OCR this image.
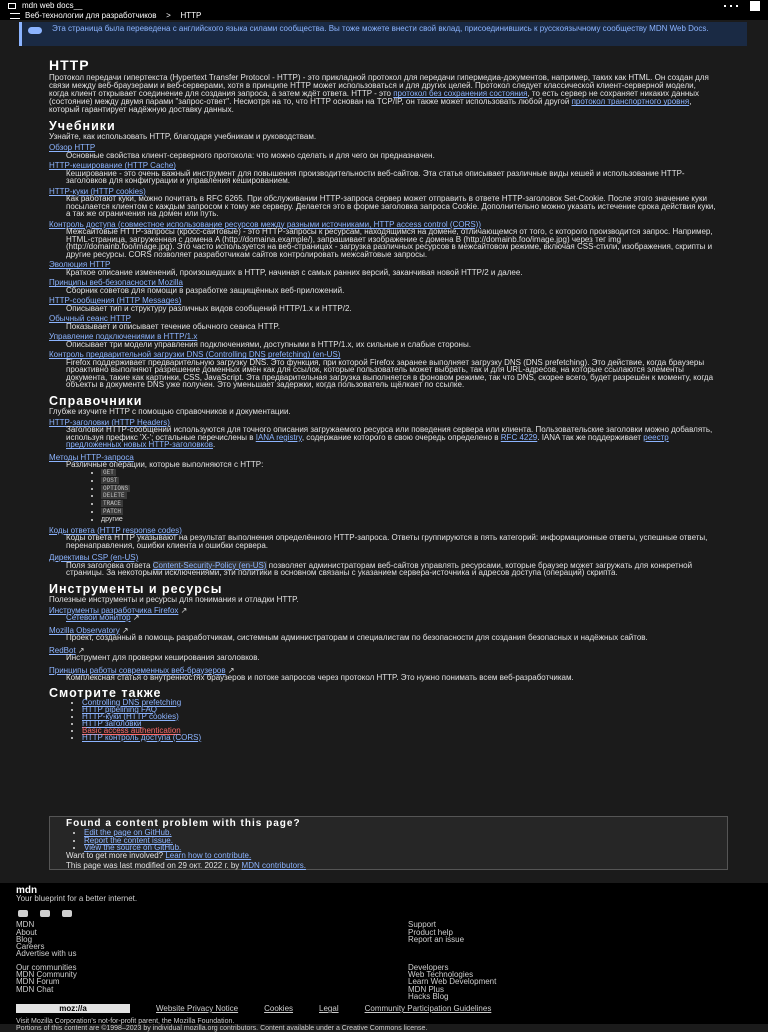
mdn web docs__
Веб-технологии для разработчиков	>	HTTP

Эта страница была переведена с английского языка силами сообщества. Вы тоже можете внести свой вклад, присоединившись к русскоязычному сообществу MDN Web Docs.

HTTP

Протокол передачи гипертекста (Hypertext Transfer Protocol - HTTP) - это прикладной протокол для передачи гипермедиа-документов, например, таких как HTML. Он создан для связи между веб-браузерами и веб-серверами, хотя в принципе HTTP может использоваться и для других целей. Протокол следует классической клиент-серверной модели, когда клиент открывает соединение для создания запроса, а затем ждёт ответа. HTTP - это протокол без сохранения состояния, то есть сервер не сохраняет никаких данных (состояние) между двумя парами "запрос-ответ". Несмотря на то, что HTTP основан на TCP/IP, он также может использовать любой другой протокол транспортного уровня, который гарантирует надёжную доставку данных.

Учебники

Узнайте, как использовать HTTP, благодаря учебникам и руководствам.

Обзор HTTP
Основные свойства клиент-серверного протокола: что можно сделать и для чего он предназначен.
HTTP-кеширование (HTTP Cache)
Кеширование - это очень важный инструмент для повышения производительности веб-сайтов. Эта статья описывает различные виды кешей и использование HTTP-заголовков для конфигурации и управления кешированием.
HTTP-куки (HTTP cookies)
Как работают куки, можно почитать в RFC 6265. При обслуживании HTTP-запроса сервер может отправить в ответе HTTP-заголовок Set-Cookie. После этого значение куки посылается клиентом с каждым запросом к тому же серверу. Делается это в форме заголовка запроса Cookie. Дополнительно можно указать истечение срока действия куки, а так же ограничения на домен или путь.
Контроль доступа (совместное использование ресурсов между разными источниками, HTTP access control (CORS))
Межсайтовые HTTP-запросы (кросс-сайтовые) - это HTTP-запросы к ресурсам, находящимся на домене, отличающемся от того, с которого производится запрос. Например, HTML-страница, загруженная с домена A (http://domaina.example/), запрашивает изображение с домена B (http://domainb.foo/image.jpg) через тег img (http://domainb.foo/image.jpg). Это часто используется на веб-страницах - загрузка различных ресурсов в межсайтовом режиме, включая CSS-стили, изображения, скрипты и другие ресурсы. CORS позволяет разработчикам сайтов контролировать межсайтовые запросы.
Эволюция HTTP
Краткое описание изменений, произошедших в HTTP, начиная с самых ранних версий, заканчивая новой HTTP/2 и далее.
Принципы веб-безопасности Mozilla
Сборник советов для помощи в разработке защищённых веб-приложений.
HTTP-сообщения (HTTP Messages)
Описывает тип и структуру различных видов сообщений HTTP/1.x и HTTP/2.
Обычный сеанс HTTP
Показывает и описывает течение обычного сеанса HTTP.
Управление подключениями в HTTP/1.x
Описывает три модели управления подключениями, доступными в HTTP/1.x, их сильные и слабые стороны.
Контроль предварительной загрузки DNS (Controlling DNS prefetching) (en-US)
Firefox поддерживает предварительную загрузку DNS. Это функция, при которой Firefox заранее выполняет загрузку DNS (DNS prefetching). Это действие, когда браузеры проактивно выполняют разрешение доменных имён как для ссылок, которые пользователь может выбрать, так и для URL-адресов, на которые ссылаются элементы документа, такие как картинки, CSS, JavaScript. Эта предварительная загрузка выполняется в фоновом режиме, так что DNS, скорее всего, будет разрешён к моменту, когда объекты в документе DNS уже получен. Это уменьшает задержки, когда пользователь щёлкает по ссылке.
Справочники

Глубже изучите HTTP с помощью справочников и документации.

HTTP-заголовки (HTTP Headers)
Заголовки HTTP-сообщений используются для точного описания загружаемого ресурса или поведения сервера или клиента. Пользовательские заголовки можно добавлять, используя префикс 'X-'; остальные перечислены в IANA registry, содержание которого в свою очередь определено в RFC 4229. IANA так же поддерживает реестр предложенных новых HTTP-заголовков.
Методы HTTP-запроса
Различные операции, которые выполняются с HTTP:
• GET
• POST
• OPTIONS
• DELETE
• TRACE
• PATCH
• другие
Коды ответа (HTTP response codes)
Коды ответа HTTP указывают на результат выполнения определённого HTTP-запроса. Ответы группируются в пять категорий: информационные ответы, успешные ответы, перенаправления, ошибки клиента и ошибки сервера.
Директивы CSP (en-US)
Поля заголовка ответа Content-Security-Policy (en-US) позволяет администраторам веб-сайтов управлять ресурсами, которые браузер может загружать для конкретной страницы. За некоторыми исключениями, эти политики в основном связаны с указанием сервера-источника и адресов доступа (операций) скрипта.
Инструменты и ресурсы

Полезные инструменты и ресурсы для понимания и отладки HTTP.

Инструменты разработчика Firefox ↗
Сетевой монитор ↗
Mozilla Observatory ↗
Проект, созданный в помощь разработчикам, системным администраторам и специалистам по безопасности для создания безопасных и надёжных сайтов.
RedBot ↗
Инструмент для проверки кеширования заголовков.
Принципы работы современных веб-браузеров ↗
Комплексная статья о внутренностях браузеров и потоке запросов через протокол HTTP. Это нужно понимать всем веб-разработчикам.
Смотрите также
• Controlling DNS prefetching
• HTTP pipelining FAQ
• HTTP-куки (HTTP cookies)
• HTTP заголовки
• Basic access authentication
• HTTP контроль доступа (CORS)
Found a content problem with this page?
• Edit the page on GitHub.
• Report the content issue.
• View the source on GitHub.

Want to get more involved? Learn how to contribute.

This page was last modified on 29 окт. 2022 г. by MDN contributors.

mdn
Your blueprint for a better internet.
MDN
About
Blog
Careers
Advertise with us
Support
Product help
Report an issue
Our communities
MDN Community
MDN Forum
MDN Chat
Developers
Web Technologies
Learn Web Development
MDN Plus
Hacks Blog
moz://a	Website Privacy Notice	Cookies	Legal	Community Participation Guidelines
Visit Mozilla Corporation's not-for-profit parent, the Mozilla Foundation.
Portions of this content are ©1998–2023 by individual mozilla.org contributors. Content available under a Creative Commons license.
